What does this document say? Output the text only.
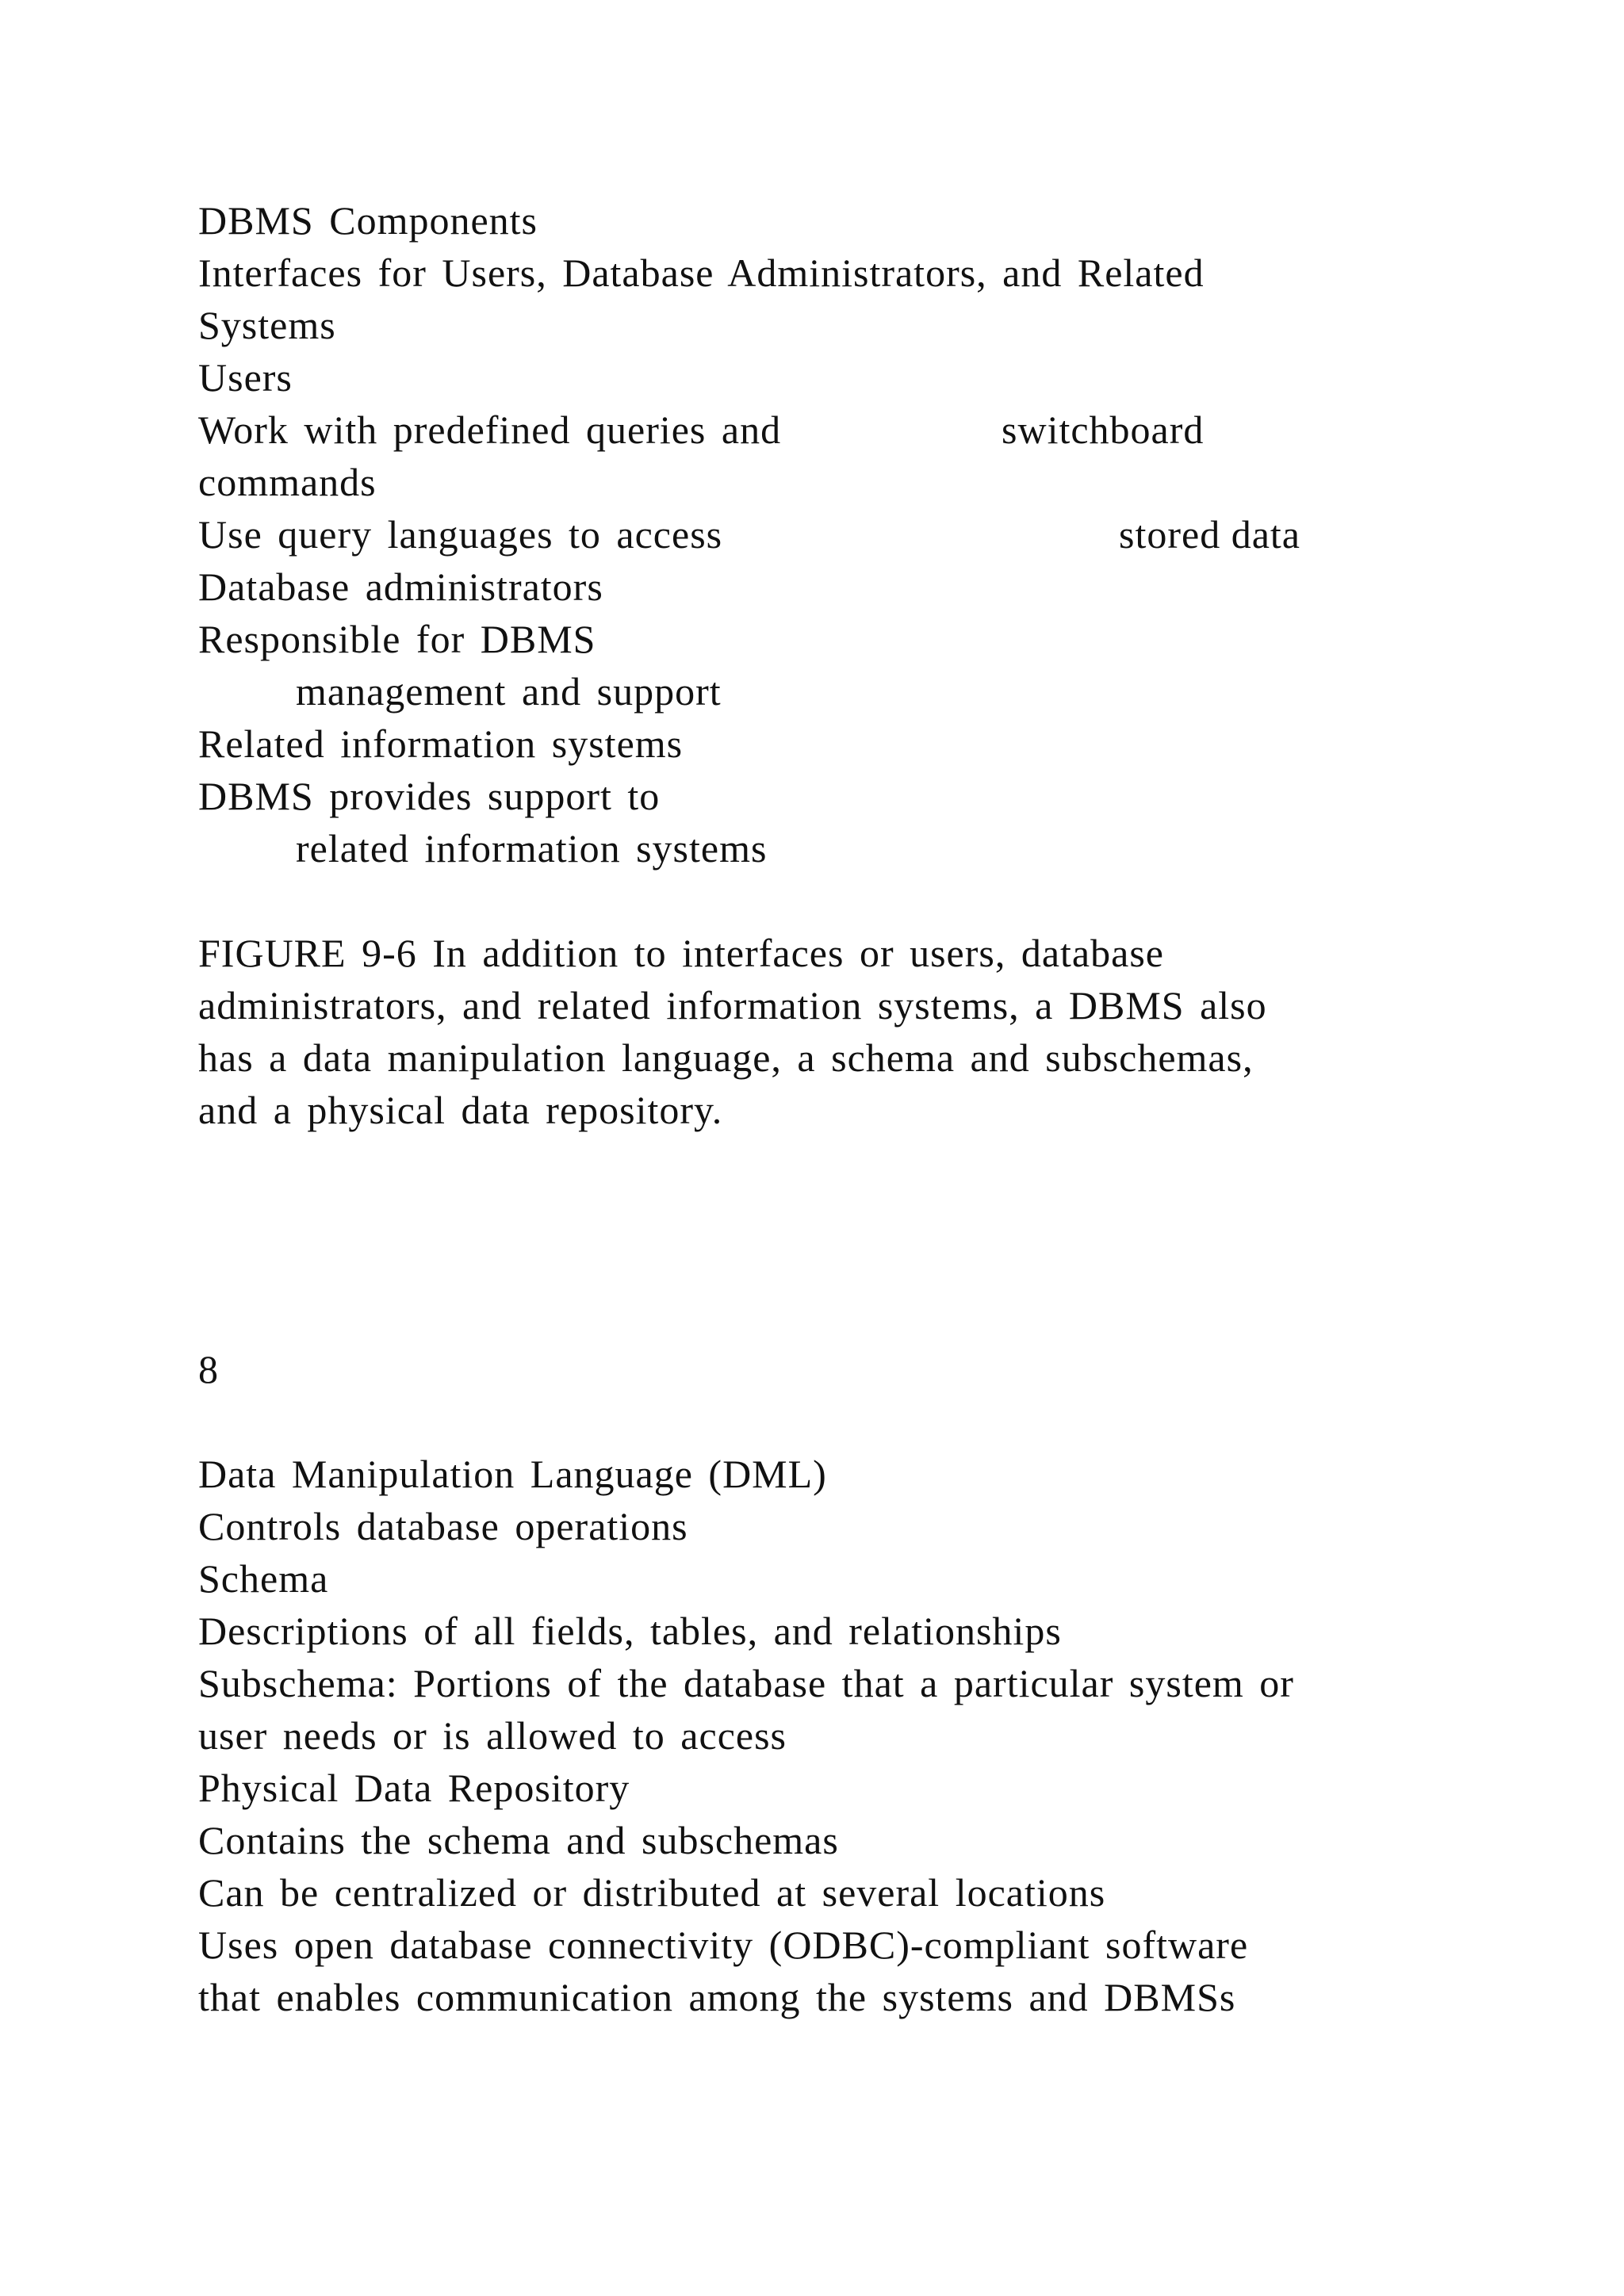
DBMS Components
Interfaces for Users, Database Administrators, and Related
Systems
Users
Work with predefined queries and	switchboard
commands
Use query languages to access	stored data
Database administrators
Responsible for DBMS
management and support
Related information systems
DBMS provides support to
related information systems
FIGURE 9-6 In addition to interfaces or users, database
administrators, and related information systems, a DBMS also
has a data manipulation language, a schema and subschemas,
and a physical data repository.
8
Data Manipulation Language (DML)
Controls database operations
Schema
Descriptions of all fields, tables, and relationships
Subschema: Portions of the database that a particular system or
user needs or is allowed to access
Physical Data Repository
Contains the schema and subschemas
Can be centralized or distributed at several locations
Uses open database connectivity (ODBC)-compliant software
that enables communication among the systems and DBMSs
